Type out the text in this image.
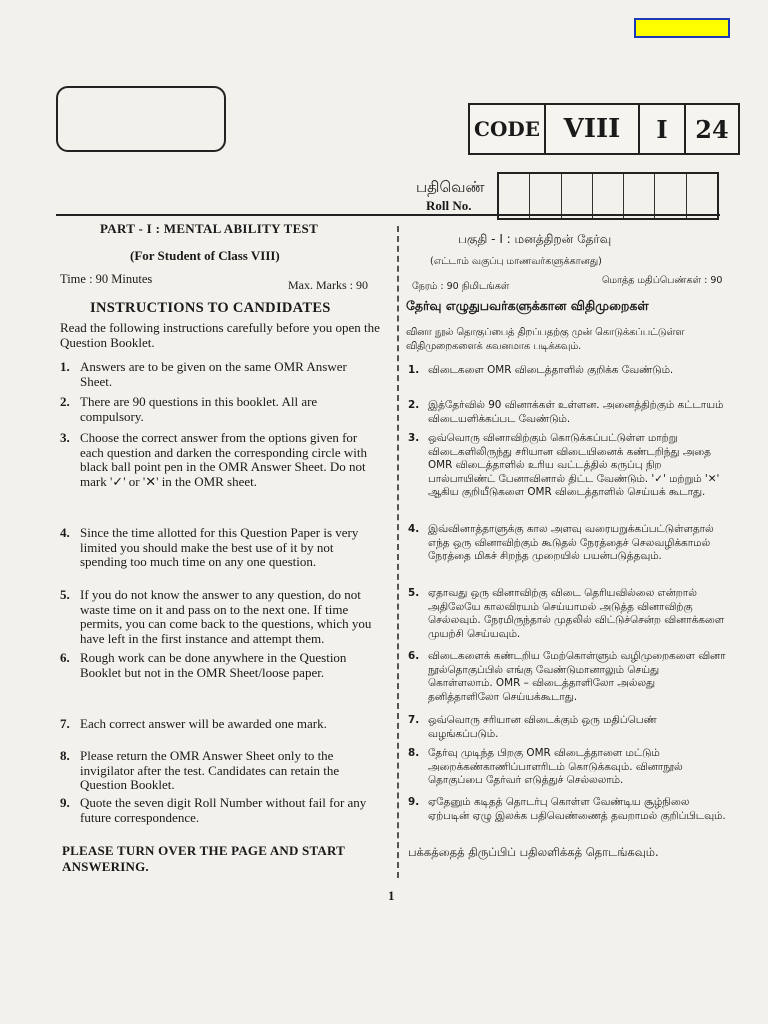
CODE VIII	I	24
பதிவெண்
Roll No.
PART - I : MENTAL ABILITY TEST
(For Student of Class VIII)
Time : 90 Minutes	Max. Marks : 90
INSTRUCTIONS TO CANDIDATES
Read the following instructions carefully before you open the Question Booklet.
1. Answers are to be given on the same OMR Answer Sheet.
2. There are 90 questions in this booklet. All are compulsory.
3. Choose the correct answer from the options given for each question and darken the corresponding circle with black ball point pen in the OMR Answer Sheet. Do not mark '✓' or '✕' in the OMR sheet.
4. Since the time allotted for this Question Paper is very limited you should make the best use of it by not spending too much time on any one question.
5. If you do not know the answer to any question, do not waste time on it and pass on to the next one. If time permits, you can come back to the questions, which you have left in the first instance and attempt them.
6. Rough work can be done anywhere in the Question Booklet but not in the OMR Sheet/loose paper.
7. Each correct answer will be awarded one mark.
8. Please return the OMR Answer Sheet only to the invigilator after the test. Candidates can retain the Question Booklet.
9. Quote the seven digit Roll Number without fail for any future correspondence.
PLEASE TURN OVER THE PAGE AND START ANSWERING.
பகுதி - I : மனத்திறன் தேர்வு
(எட்டாம் வகுப்பு மாணவர்களுக்கானது)
நேரம் : 90 நிமிடங்கள்
மொத்த மதிப்பெண்கள் : 90
தேர்வு எழுதுபவர்களுக்கான விதிமுறைகள்
வினா நூல் தொகுப்பைத் திறப்பதற்கு முன் கொடுக்கப்பட்டுள்ள விதிமுறைகளைக் கவனமாக படிக்கவும்.
1. விடைகளை OMR விடைத்தாளில் குறிக்க வேண்டும்.
2. இத்தேர்வில் 90 வினாக்கள் உள்ளன. அனைத்திற்கும் கட்டாயம் விடையளிக்கப்பட வேண்டும்.
3. ஒவ்வொரு வினாவிற்கும் கொடுக்கப்பட்டுள்ள மாற்று விடைகளிலிருந்து சரியான விடையினைக் கண்டறிந்து அதை OMR விடைத்தாளில் உரிய வட்டத்தில் கருப்பு நிற பால்பாயிண்ட் பேனாவினால் திட்ட வேண்டும். '✓' மற்றும் '✕' ஆகிய குறியீடுகளை OMR விடைத்தாளில் செய்யக் கூடாது.
4. இவ்வினாத்தாளுக்கு கால அளவு வரையறுக்கப்பட்டுள்ளதால் எந்த ஒரு வினாவிற்கும் கூடுதல் நேரத்தைச் செலவழிக்காமல் நேரத்தை மிகச் சிறந்த முறையில் பயன்படுத்தவும்.
5. ஏதாவது ஒரு வினாவிற்கு விடை தெரியவில்லை என்றால் அதிலேயே காலவிரயம் செய்யாமல் அடுத்த வினாவிற்கு செல்லவும். நேரமிருந்தால் முதலில் விட்டுச்சென்ற வினாக்களை முயற்சி செய்யவும்.
6. விடைகளைக் கண்டறிய மேற்கொள்ளும் வழிமுறைகளை வினா நூல்தொகுப்பில் எங்கு வேண்டுமானாலும் செய்து கொள்ளலாம். OMR – விடைத்தாளிலோ அல்லது தனித்தாளிலோ செய்யக்கூடாது.
7. ஒவ்வொரு சரியான விடைக்கும் ஒரு மதிப்பெண் வழங்கப்படும்.
8. தேர்வு முடிந்த பிறகு OMR விடைத்தாளை மட்டும் அறைக்கண்காணிப்பாளரிடம் கொடுக்கவும். வினாநூல் தொகுப்பை தேர்வர் எடுத்துச் செல்லலாம்.
9. ஏதேனும் கடிதத் தொடர்பு கொள்ள வேண்டிய சூழ்நிலை ஏற்படின் ஏழு இலக்க பதிவெண்ணைத் தவறாமல் குறிப்பிடவும்.
பக்கத்தைத் திருப்பிப் பதிலளிக்கத் தொடங்கவும்.
1
